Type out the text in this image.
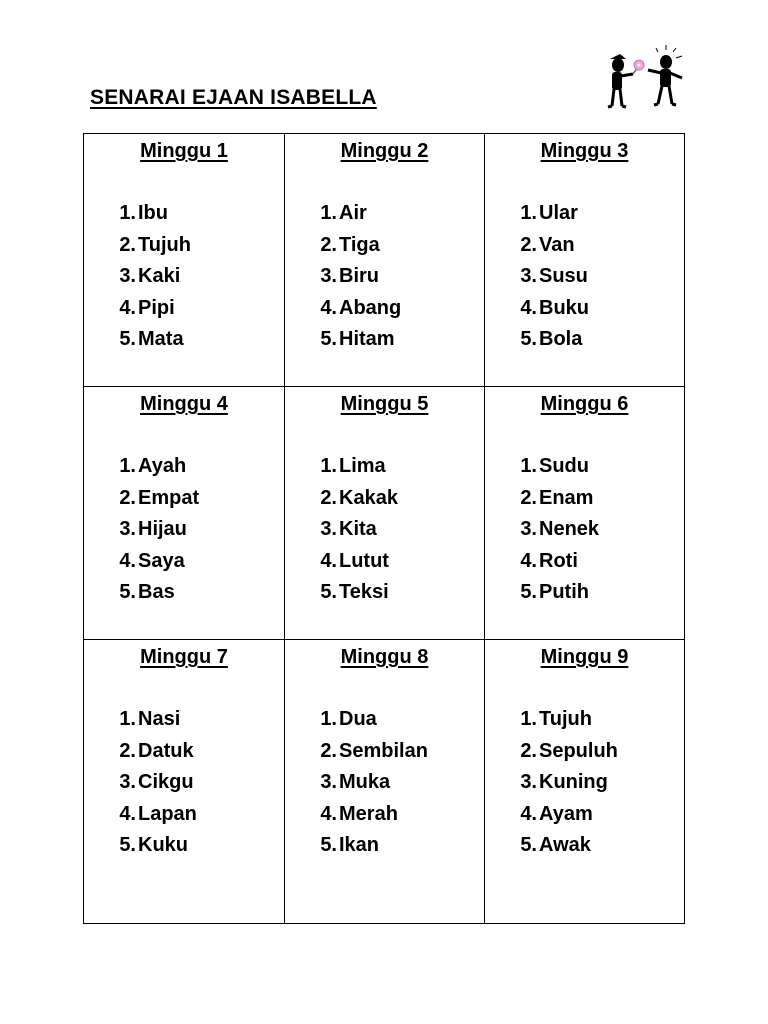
SENARAI EJAAN ISABELLA
Minggu 1
1. Ibu
2. Tujuh
3. Kaki
4. Pipi
5. Mata
Minggu 2
1. Air
2. Tiga
3. Biru
4. Abang
5. Hitam
Minggu 3
1. Ular
2. Van
3. Susu
4. Buku
5. Bola
Minggu 4
1. Ayah
2. Empat
3. Hijau
4. Saya
5. Bas
Minggu 5
1. Lima
2. Kakak
3. Kita
4. Lutut
5. Teksi
Minggu 6
1. Sudu
2. Enam
3. Nenek
4. Roti
5. Putih
Minggu 7
1. Nasi
2. Datuk
3. Cikgu
4. Lapan
5. Kuku
Minggu 8
1. Dua
2. Sembilan
3. Muka
4. Merah
5. Ikan
Minggu 9
1. Tujuh
2. Sepuluh
3. Kuning
4. Ayam
5. Awak
